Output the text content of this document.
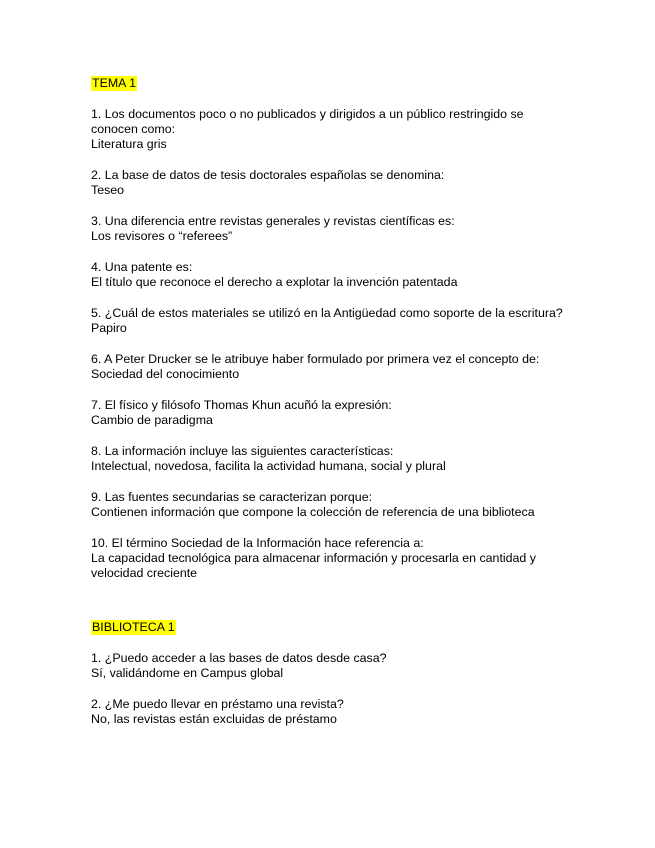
TEMA 1
1. Los documentos poco o no publicados y dirigidos a un público restringido se conocen como:
Literatura gris
2. La base de datos de tesis doctorales españolas se denomina:
Teseo
3. Una diferencia entre revistas generales y revistas científicas es:
Los revisores o “referees”
4. Una patente es:
El título que reconoce el derecho a explotar la invención patentada
5. ¿Cuál de estos materiales se utilizó en la Antigüedad como soporte de la escritura?
Papiro
6. A Peter Drucker se le atribuye haber formulado por primera vez el concepto de:
Sociedad del conocimiento
7. El físico y filósofo Thomas Khun acuñó la expresión:
Cambio de paradigma
8. La información incluye las siguientes características:
Intelectual, novedosa, facilita la actividad humana, social y plural
9. Las fuentes secundarias se caracterizan porque:
Contienen información que compone la colección de referencia de una biblioteca
10. El término Sociedad de la Información hace referencia a:
La capacidad tecnológica para almacenar información y procesarla en cantidad y velocidad creciente
BIBLIOTECA 1
1. ¿Puedo acceder a las bases de datos desde casa?
Sí, validándome en Campus global
2. ¿Me puedo llevar en préstamo una revista?
No, las revistas están excluidas de préstamo
